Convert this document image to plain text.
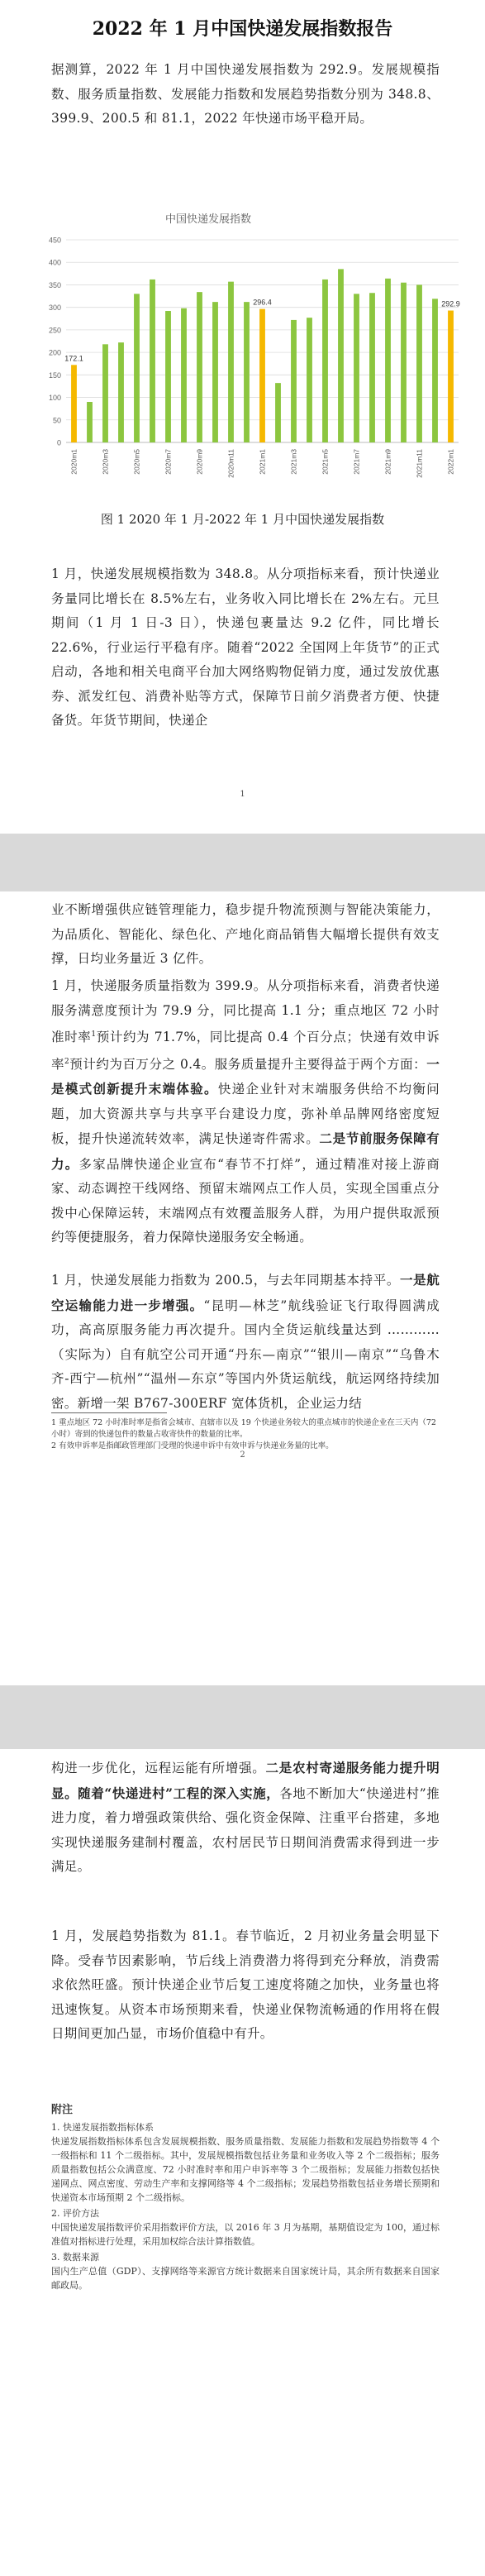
2022 年 1 月中国快递发展指数报告

据测算，2022 年 1 月中国快递发展指数为 292.9。发展规模指数、服务质量指数、发展能力指数和发展趋势指数分别为 348.8、399.9、200.5 和 81.1，2022 年快递市场平稳开局。

中国快递发展指数
0
50
100
150
200
250
300
350
400
450
172.1
296.4	292.9
2020m1	2020m3	2020m5	2020m7	2020m9	2020m11	2021m1	2021m3	2021m5	2021m7	2021m9	2021m11	2022m1
图 1 2020 年 1 月-2022 年 1 月中国快递发展指数

1 月，快递发展规模指数为 348.8。从分项指标来看，预计快递业务量同比增长在 8.5%左右，业务收入同比增长在 2%左右。元旦期间（1 月 1 日-3 日），快递包裹量达 9.2 亿件，同比增长 22.6%，行业运行平稳有序。随着“2022 全国网上年货节”的正式启动，各地和相关电商平台加大网络购物促销力度，通过发放优惠券、派发红包、消费补贴等方式，保障节日前夕消费者方便、快捷备货。年货节期间，快递企

1

业不断增强供应链管理能力，稳步提升物流预测与智能决策能力，为品质化、智能化、绿色化、产地化商品销售大幅增长提供有效支撑，日均业务量近 3 亿件。

1 月，快递服务质量指数为 399.9。从分项指标来看，消费者快递服务满意度预计为 79.9 分，同比提高 1.1 分；重点地区 72 小时准时率$^1$预计约为 71.7%，同比提高 0.4 个百分点；快递有效申诉率$^2$预计约为百万分之 0.4。服务质量提升主要得益于两个方面：一是模式创新提升末端体验。快递企业针对末端服务供给不均衡问题，加大资源共享与共享平台建设力度，弥补单品牌网络密度短板，提升快递流转效率，满足快递寄件需求。二是节前服务保障有力。多家品牌快递企业宣布“春节不打烊”，通过精准对接上游商家、动态调控干线网络、预留末端网点工作人员，实现全国重点分拨中心保障运转，末端网点有效覆盖服务人群，为用户提供取派预约等便捷服务，着力保障快递服务安全畅通。

1 月，快递发展能力指数为 200.5，与去年同期基本持平。一是航空运输能力进一步增强。“昆明—林芝”航线验证飞行取得圆满成功，高高原服务能力再次提升。国内全货运航线量达到 …………（实际为）自有航空公司开通“丹东—南京”“银川—南京”“乌鲁木齐-西宁—杭州”“温州—东京”等国内外货运航线，航运网络持续加密。新增一架 B767-300ERF 宽体货机，企业运力结

1 重点地区 72 小时准时率是指省会城市、直辖市以及 19 个快递业务较大的重点城市的快递企业在三天内（72 小时）寄到的快递包件的数量占收寄快件的数量的比率。
2 有效申诉率是指邮政管理部门受理的快递申诉中有效申诉与快递业务量的比率。
2

构进一步优化，远程运能有所增强。二是农村寄递服务能力提升明显。随着“快递进村”工程的深入实施，各地不断加大“快递进村”推进力度，着力增强政策供给、强化资金保障、注重平台搭建，多地实现快递服务建制村覆盖，农村居民节日期间消费需求得到进一步满足。

1 月，发展趋势指数为 81.1。春节临近，2 月初业务量会明显下降。受春节因素影响，节后线上消费潜力将得到充分释放，消费需求依然旺盛。预计快递企业节后复工速度将随之加快，业务量也将迅速恢复。从资本市场预期来看，快递业保物流畅通的作用将在假日期间更加凸显，市场价值稳中有升。

附注
1. 快递发展指数指标体系

快递发展指数指标体系包含发展规模指数、服务质量指数、发展能力指数和发展趋势指数等 4 个一级指标和 11 个二级指标。其中，发展规模指数包括业务量和业务收入等 2 个二级指标；服务质量指数包括公众满意度、72 小时准时率和用户申诉率等 3 个二级指标；发展能力指数包括快递网点、网点密度、劳动生产率和支撑网络等 4 个二级指标；发展趋势指数包括业务增长预期和快递资本市场预期 2 个二级指标。

2. 评价方法

中国快递发展指数评价采用指数评价方法，以 2016 年 3 月为基期，基期值设定为 100，通过标准值对指标进行处理，采用加权综合法计算指数值。

3. 数据来源

国内生产总值（GDP）、支撑网络等来源官方统计数据来自国家统计局，其余所有数据来自国家邮政局。
